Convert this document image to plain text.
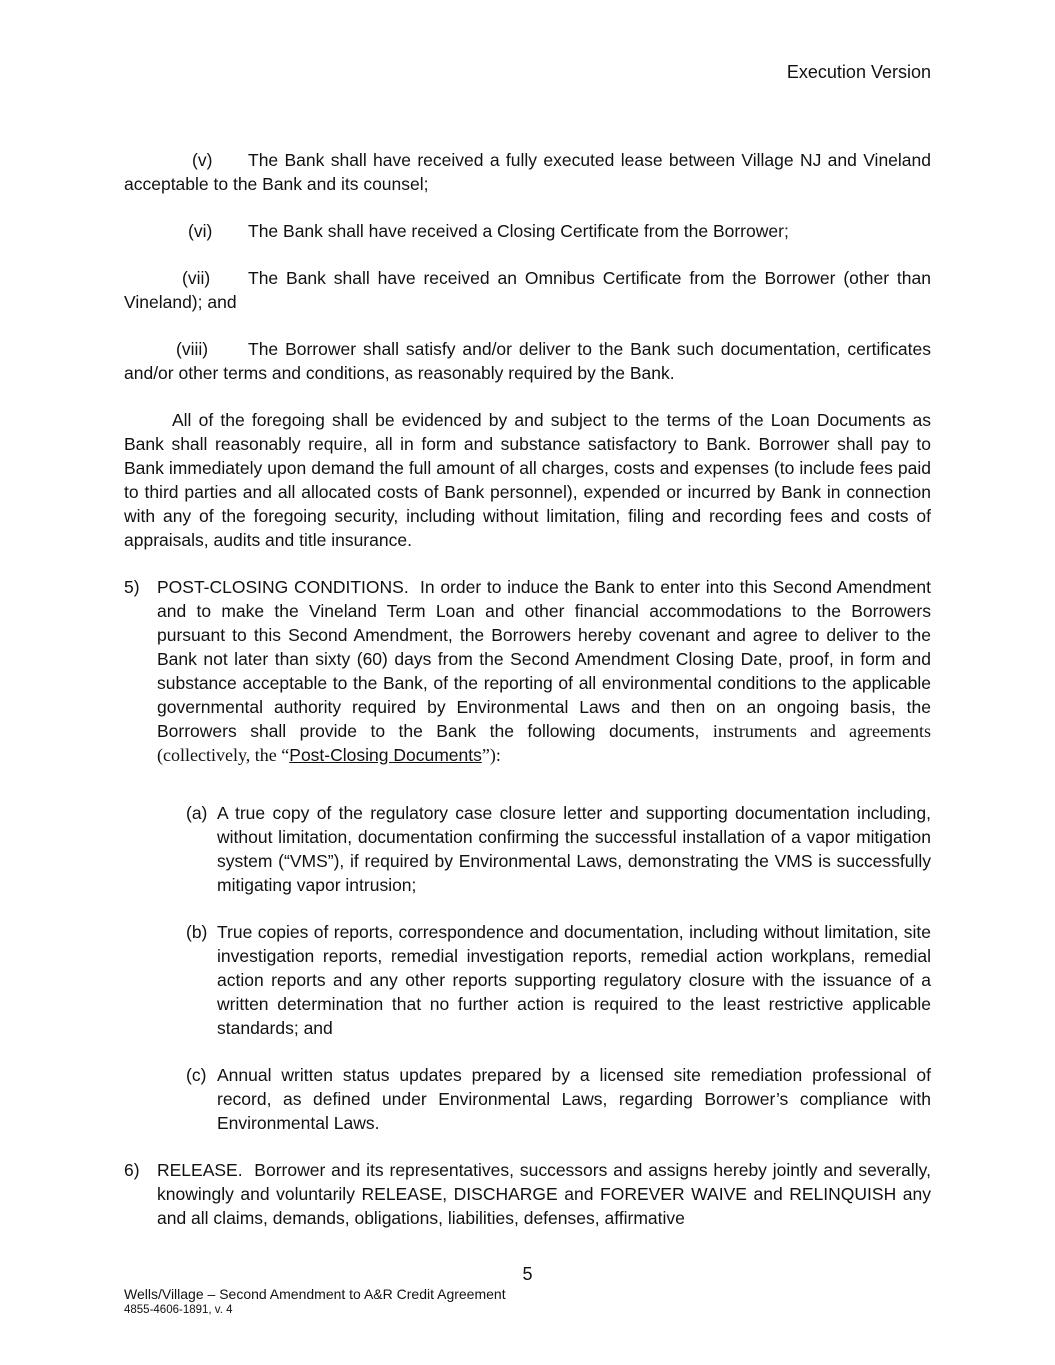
Execution Version

(v) The Bank shall have received a fully executed lease between Village NJ and Vineland acceptable to the Bank and its counsel;

(vi) The Bank shall have received a Closing Certificate from the Borrower;

(vii) The Bank shall have received an Omnibus Certificate from the Borrower (other than Vineland); and

(viii) The Borrower shall satisfy and/or deliver to the Bank such documentation, certificates and/or other terms and conditions, as reasonably required by the Bank.

All of the foregoing shall be evidenced by and subject to the terms of the Loan Documents as Bank shall reasonably require, all in form and substance satisfactory to Bank. Borrower shall pay to Bank immediately upon demand the full amount of all charges, costs and expenses (to include fees paid to third parties and all allocated costs of Bank personnel), expended or incurred by Bank in connection with any of the foregoing security, including without limitation, filing and recording fees and costs of appraisals, audits and title insurance.

5) POST-CLOSING CONDITIONS. In order to induce the Bank to enter into this Second Amendment and to make the Vineland Term Loan and other financial accommodations to the Borrowers pursuant to this Second Amendment, the Borrowers hereby covenant and agree to deliver to the Bank not later than sixty (60) days from the Second Amendment Closing Date, proof, in form and substance acceptable to the Bank, of the reporting of all environmental conditions to the applicable governmental authority required by Environmental Laws and then on an ongoing basis, the Borrowers shall provide to the Bank the following documents, instruments and agreements (collectively, the “Post-Closing Documents”):
(a) A true copy of the regulatory case closure letter and supporting documentation including, without limitation, documentation confirming the successful installation of a vapor mitigation system (“VMS”), if required by Environmental Laws, demonstrating the VMS is successfully mitigating vapor intrusion;
(b) True copies of reports, correspondence and documentation, including without limitation, site investigation reports, remedial investigation reports, remedial action workplans, remedial action reports and any other reports supporting regulatory closure with the issuance of a written determination that no further action is required to the least restrictive applicable standards; and
(c) Annual written status updates prepared by a licensed site remediation professional of record, as defined under Environmental Laws, regarding Borrower’s compliance with Environmental Laws.
6) RELEASE. Borrower and its representatives, successors and assigns hereby jointly and severally, knowingly and voluntarily RELEASE, DISCHARGE and FOREVER WAIVE and RELINQUISH any and all claims, demands, obligations, liabilities, defenses, affirmative
5
Wells/Village – Second Amendment to A&R Credit Agreement
4855-4606-1891, v. 4
